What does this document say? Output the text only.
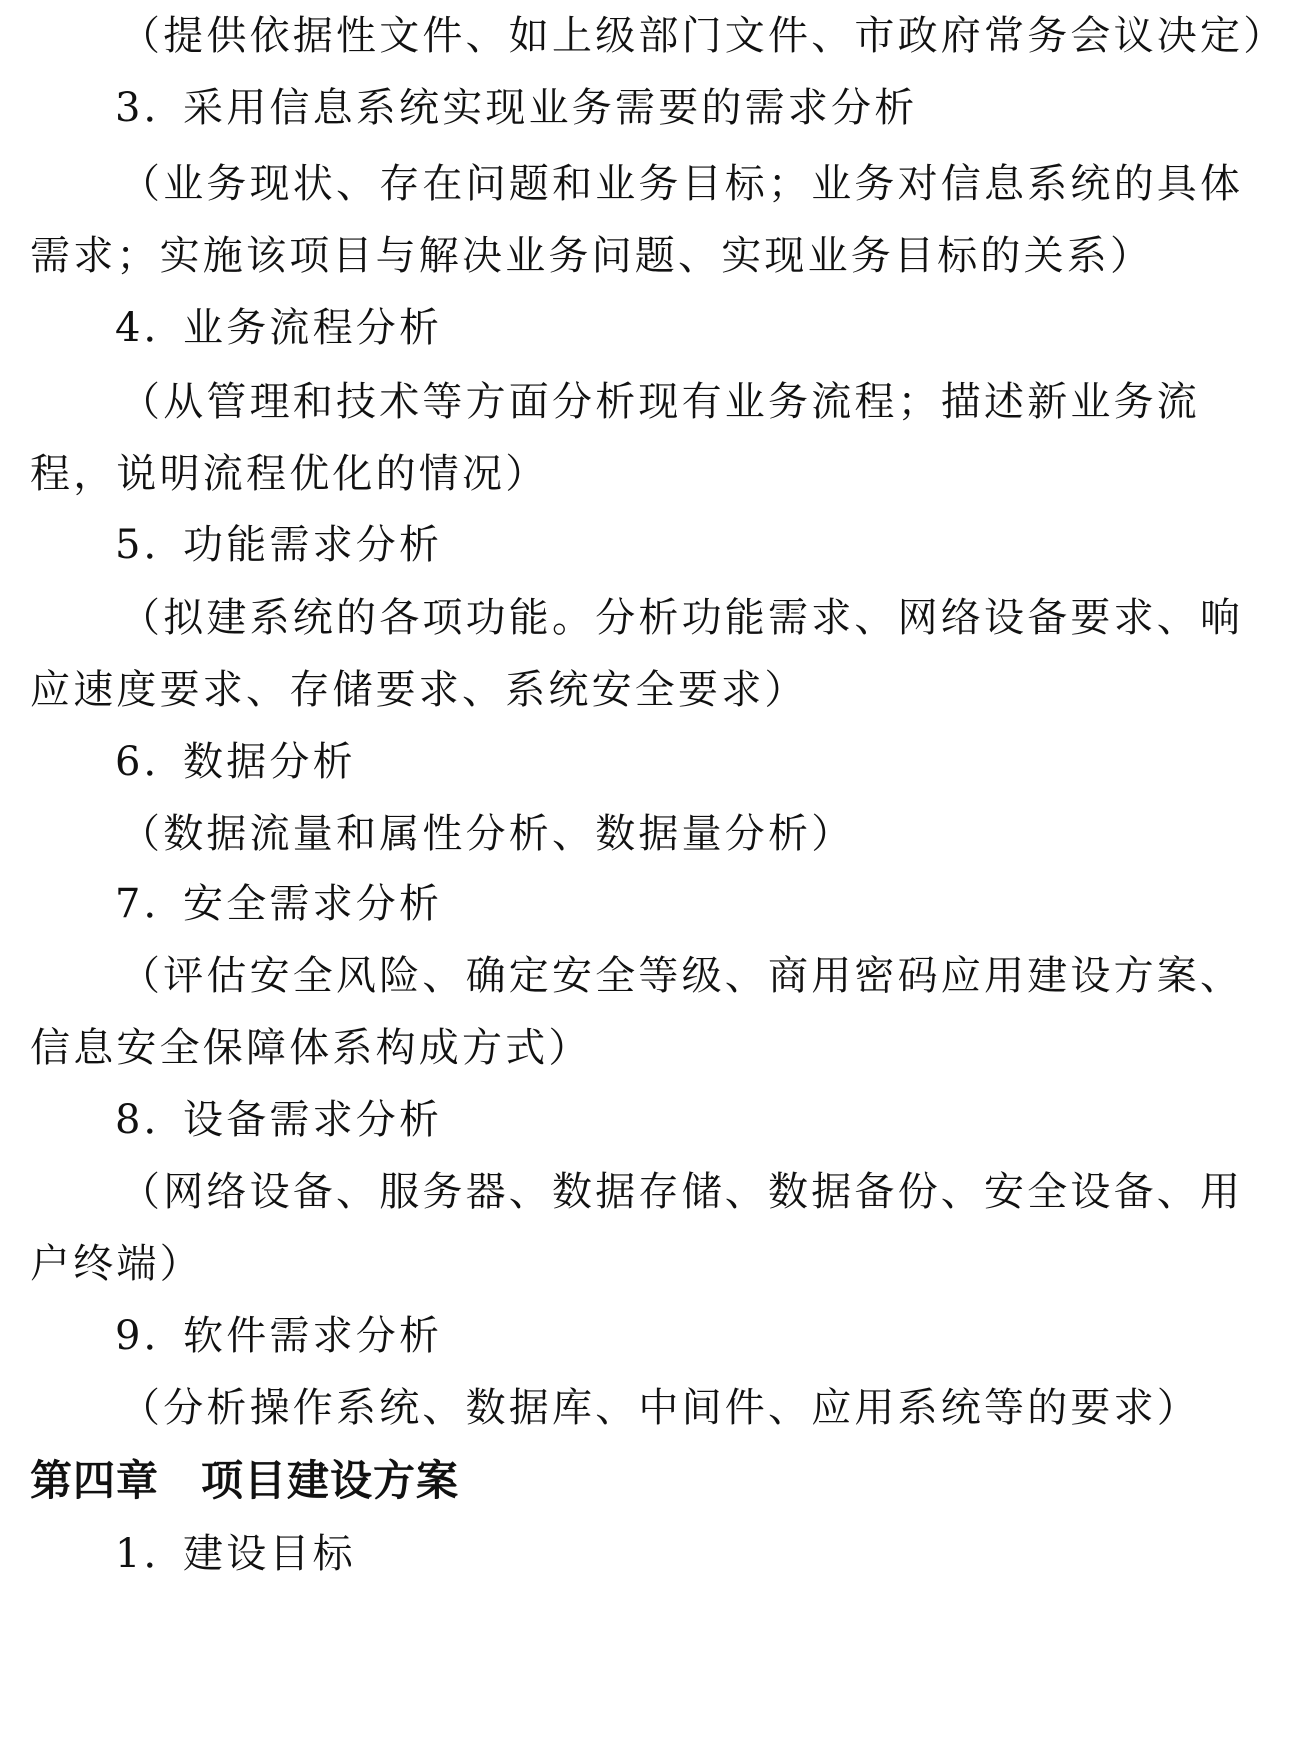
（提供依据性文件、如上级部门文件、市政府常务会议决定）
3．采用信息系统实现业务需要的需求分析
（业务现状、存在问题和业务目标；业务对信息系统的具体
需求；实施该项目与解决业务问题、实现业务目标的关系）
4．业务流程分析
（从管理和技术等方面分析现有业务流程；描述新业务流
程，说明流程优化的情况）
5．功能需求分析
（拟建系统的各项功能。分析功能需求、网络设备要求、响
应速度要求、存储要求、系统安全要求）
6．数据分析
（数据流量和属性分析、数据量分析）
7．安全需求分析
（评估安全风险、确定安全等级、商用密码应用建设方案、
信息安全保障体系构成方式）
8．设备需求分析
（网络设备、服务器、数据存储、数据备份、安全设备、用
户终端）
9．软件需求分析
（分析操作系统、数据库、中间件、应用系统等的要求）
第四章 项目建设方案
1．建设目标
